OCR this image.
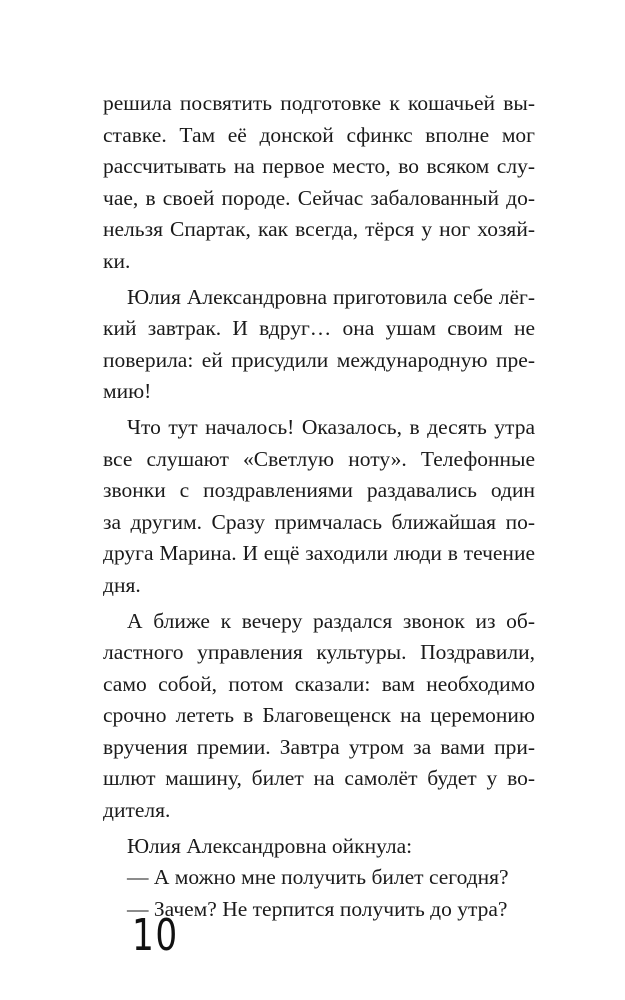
решила посвятить подготовке к кошачьей вы-
ставке. Там её донской сфинкс вполне мог
рассчитывать на первое место, во всяком слу-
чае, в своей породе. Сейчас забалованный до-
нельзя Спартак, как всегда, тёрся у ног хозяй-
ки.
Юлия Александровна приготовила себе лёг-
кий завтрак. И вдруг… она ушам своим не
поверила: ей присудили международную пре-
мию!
Что тут началось! Оказалось, в десять утра
все слушают «Светлую ноту». Телефонные
звонки с поздравлениями раздавались один
за другим. Сразу примчалась ближайшая по-
друга Марина. И ещё заходили люди в течение
дня.
А ближе к вечеру раздался звонок из об-
ластного управления культуры. Поздравили,
само собой, потом сказали: вам необходимо
срочно лететь в Благовещенск на церемонию
вручения премии. Завтра утром за вами при-
шлют машину, билет на самолёт будет у во-
дителя.
Юлия Александровна ойкнула:
— А можно мне получить билет сегодня?
— Зачем? Не терпится получить до утра?
10
